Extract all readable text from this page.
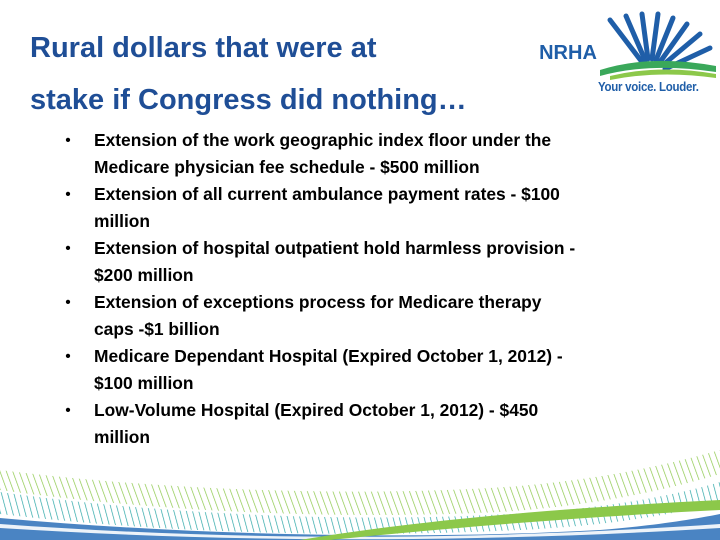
Rural dollars that were at
stake if Congress did nothing…
NRHA
Your voice. Louder.
•	Extension of the work geographic index floor under the
Medicare physician fee schedule - $500 million
•	Extension of all current ambulance payment rates - $100
million
•	Extension of hospital outpatient hold harmless provision -
$200 million
•	Extension of exceptions process for Medicare therapy
caps -$1 billion
•	Medicare Dependant Hospital (Expired October 1, 2012) -
$100 million
•	Low-Volume Hospital (Expired October 1, 2012) - $450
million
